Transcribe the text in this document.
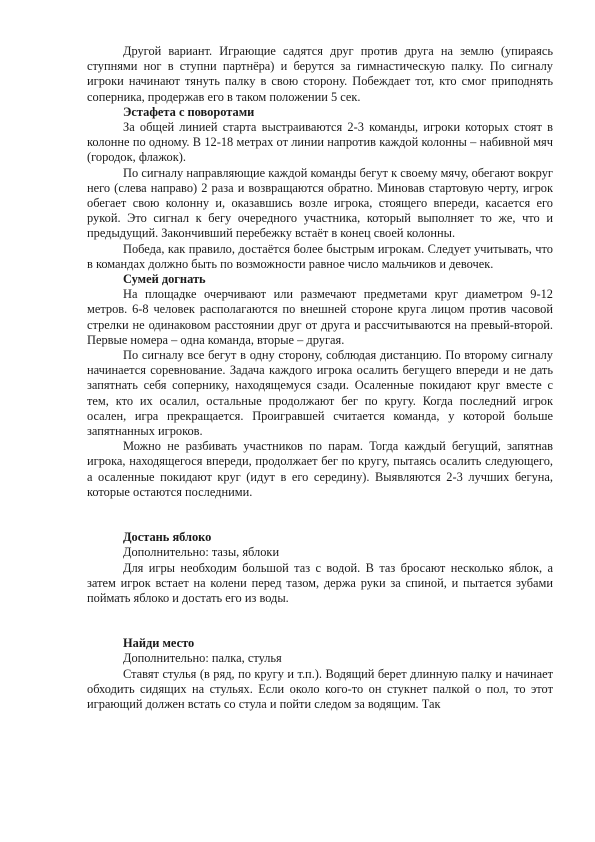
Другой вариант. Играющие садятся друг против друга на землю (упираясь ступнями ног в ступни партнёра) и берутся за гимнастическую палку. По сигналу игроки начинают тянуть палку в свою сторону. Побеждает тот, кто смог приподнять соперника, продержав его в таком положении 5 сек.

Эстафета с поворотами

За общей линией старта выстраиваются 2-3 команды, игроки которых стоят в колонне по одному. В 12-18 метрах от линии напротив каждой колонны – набивной мяч (городок, флажок).

По сигналу направляющие каждой команды бегут к своему мячу, обегают вокруг него (слева направо) 2 раза и возвращаются обратно. Миновав стартовую черту, игрок обегает свою колонну и, оказавшись возле игрока, стоящего впереди, касается его рукой. Это сигнал к бегу очередного участника, который выполняет то же, что и предыдущий. Закончивший перебежку встаёт в конец своей колонны.

Победа, как правило, достаётся более быстрым игрокам. Следует учитывать, что в командах должно быть по возможности равное число мальчиков и девочек.

Сумей догнать

На площадке очерчивают или размечают предметами круг диаметром 9-12 метров. 6-8 человек располагаются по внешней стороне круга лицом против часовой стрелки не одинаковом расстоянии друг от друга и рассчитываются на превый-второй. Первые номера – одна команда, вторые – другая.

По сигналу все бегут в одну сторону, соблюдая дистанцию. По второму сигналу начинается соревнование. Задача каждого игрока осалить бегущего впереди и не дать запятнать себя сопернику, находящемуся сзади. Осаленные покидают круг вместе с тем, кто их осалил, остальные продолжают бег по кругу. Когда последний игрок осален, игра прекращается. Проигравшей считается команда, у которой больше запятнанных игроков.

Можно не разбивать участников по парам. Тогда каждый бегущий, запятнав игрока, находящегося впереди, продолжает бег по кругу, пытаясь осалить следующего, а осаленные покидают круг (идут в его середину). Выявляются 2-3 лучших бегуна, которые остаются последними.

Достань яблоко
Дополнительно: тазы, яблоки

Для игры необходим большой таз с водой. В таз бросают несколько яблок, а затем игрок встает на колени перед тазом, держа руки за спиной, и пытается зубами поймать яблоко и достать его из воды.

Найди место
Дополнительно: палка, стулья

Ставят стулья (в ряд, по кругу и т.п.). Водящий берет длинную палку и начинает обходить сидящих на стульях. Если около кого-то он стукнет палкой о пол, то этот играющий должен встать со стула и пойти следом за водящим. Так
